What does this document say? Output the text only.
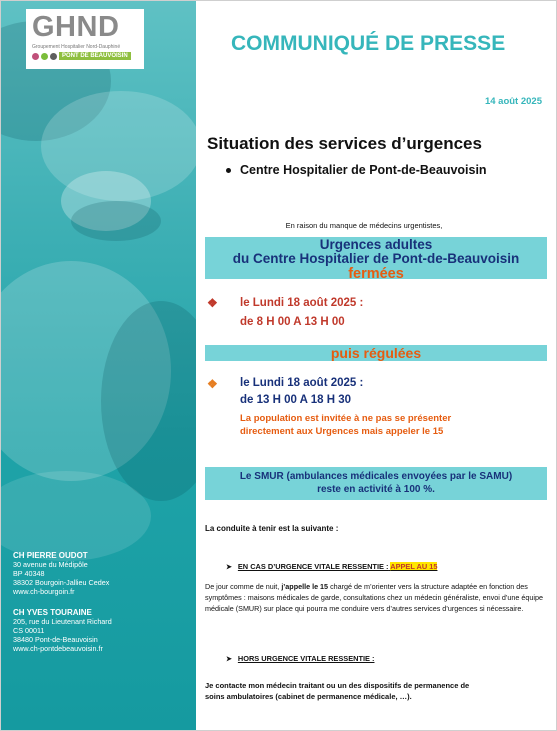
GHND
Groupement Hospitalier Nord-Dauphiné
PONT DE BEAUVOISIN
CH PIERRE OUDOT
30 avenue du Médipôle
BP 40348
38302 Bourgoin-Jallieu Cedex
www.ch-bourgoin.fr
CH YVES TOURAINE
205, rue du Lieutenant Richard
CS 00011
38480 Pont-de-Beauvoisin
www.ch-pontdebeauvoisin.fr
COMMUNIQUÉ DE PRESSE
14 août 2025
Situation des services d’urgences
Centre Hospitalier de Pont-de-Beauvoisin
En raison du manque de médecins urgentistes,
Urgences adultes
du Centre Hospitalier de Pont-de-Beauvoisin
fermées
❖ le Lundi 18 août 2025 :
de 8 H 00 A 13 H 00
puis régulées
❖ le Lundi 18 août 2025 :
de 13 H 00 A 18 H 30
La population est invitée à ne pas se présenter
directement aux Urgences mais appeler le 15
Le SMUR (ambulances médicales envoyées par le SAMU)
reste en activité à 100 %.
La conduite à tenir est la suivante :
➤ EN CAS D’URGENCE VITALE RESSENTIE : APPEL AU 15
De jour comme de nuit, j’appelle le 15 chargé de m’orienter vers la structure adaptée en fonction des symptômes : maisons médicales de garde, consultations chez un médecin généraliste, envoi d’une équipe médicale (SMUR) sur place qui pourra me conduire vers d’autres services d’urgences si nécessaire.
➤ HORS URGENCE VITALE RESSENTIE :
Je contacte mon médecin traitant ou un des dispositifs de permanence de
soins ambulatoires (cabinet de permanence médicale, …).
